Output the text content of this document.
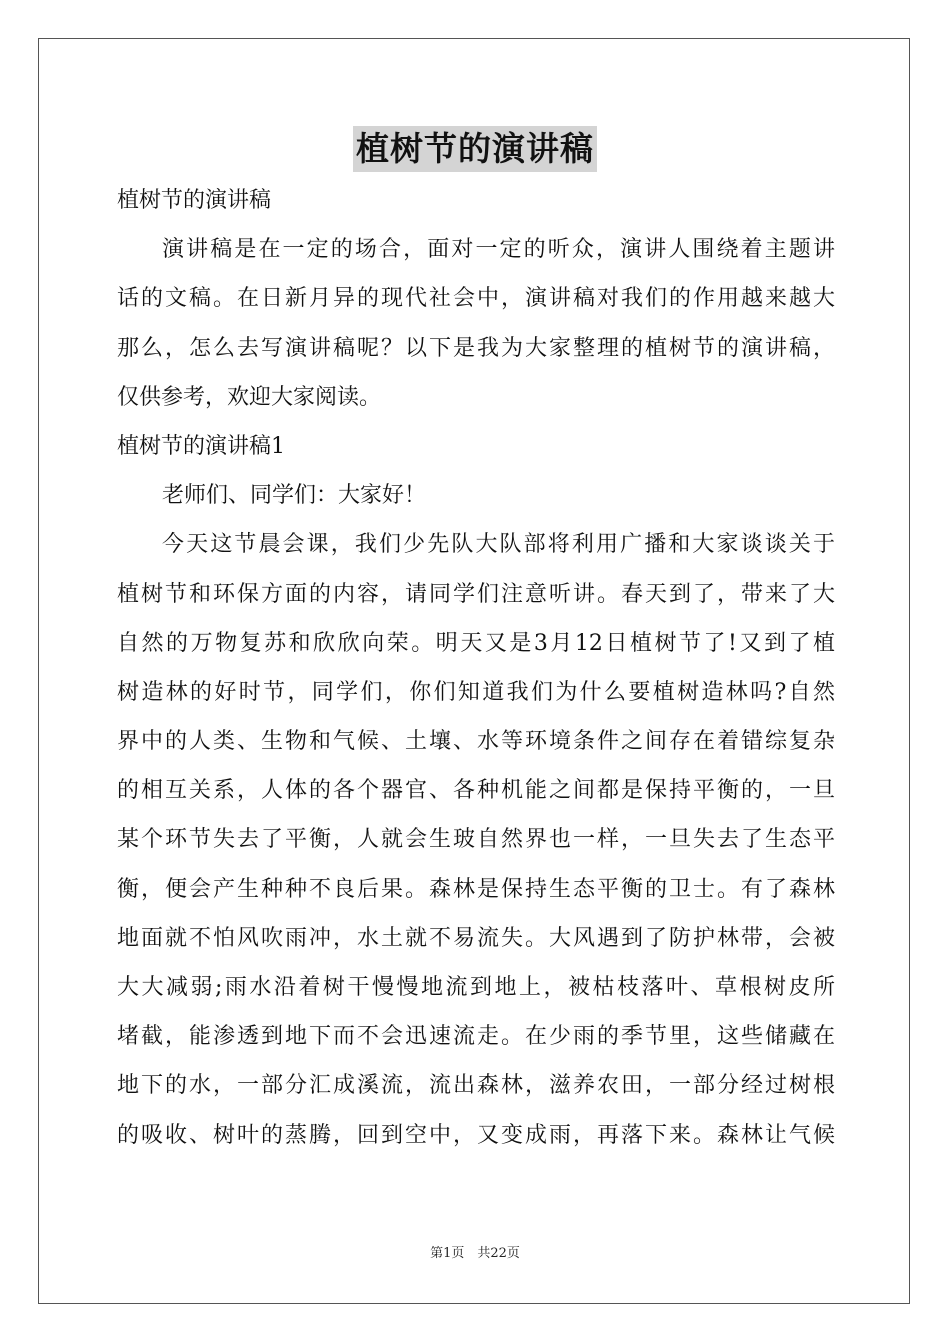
植树节的演讲稿
植树节的演讲稿
演讲稿是在一定的场合，面对一定的听众，演讲人围绕着主题讲
话的文稿。在日新月异的现代社会中，演讲稿对我们的作用越来越大
那么，怎么去写演讲稿呢？以下是我为大家整理的植树节的演讲稿，
仅供参考，欢迎大家阅读。
植树节的演讲稿1
老师们、同学们：大家好！
今天这节晨会课，我们少先队大队部将利用广播和大家谈谈关于
植树节和环保方面的内容，请同学们注意听讲。春天到了，带来了大
自然的万物复苏和欣欣向荣。明天又是3月12日植树节了!又到了植
树造林的好时节，同学们，你们知道我们为什么要植树造林吗?自然
界中的人类、生物和气候、土壤、水等环境条件之间存在着错综复杂
的相互关系，人体的各个器官、各种机能之间都是保持平衡的，一旦
某个环节失去了平衡，人就会生玻自然界也一样，一旦失去了生态平
衡，便会产生种种不良后果。森林是保持生态平衡的卫士。有了森林
地面就不怕风吹雨冲，水土就不易流失。大风遇到了防护林带，会被
大大减弱;雨水沿着树干慢慢地流到地上，被枯枝落叶、草根树皮所
堵截，能渗透到地下而不会迅速流走。在少雨的季节里，这些储藏在
地下的水，一部分汇成溪流，流出森林，滋养农田，一部分经过树根
的吸收、树叶的蒸腾，回到空中，又变成雨，再落下来。森林让气候
第1页　共22页
